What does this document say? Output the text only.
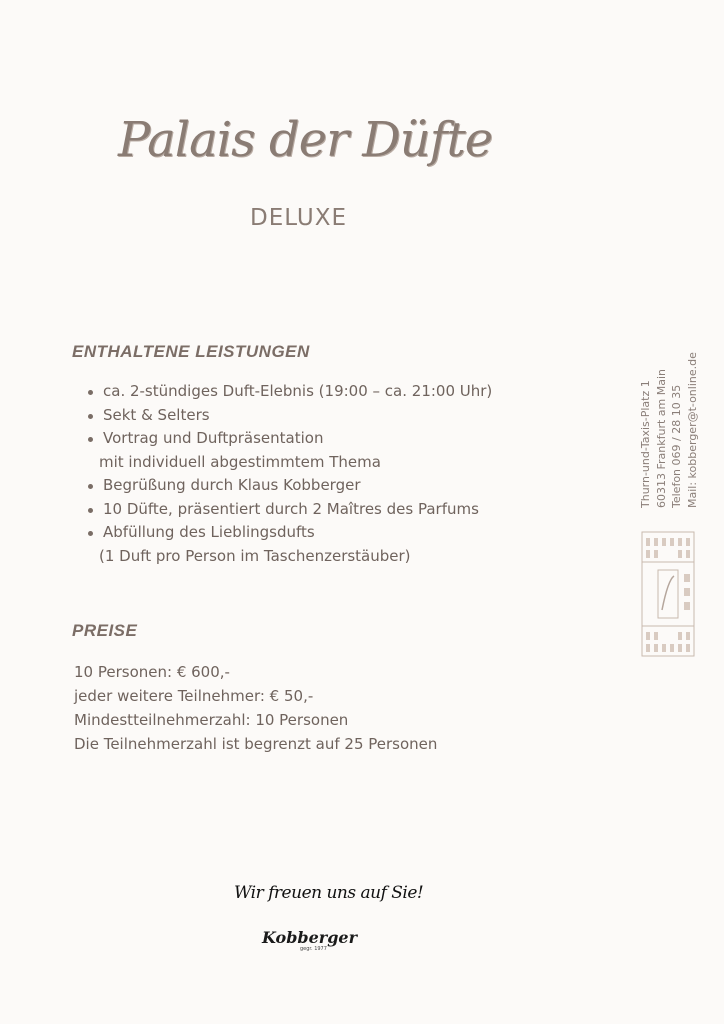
Palais der Düfte
DELUXE
ENTHALTENE LEISTUNGEN
ca. 2-stündiges Duft-Elebnis (19:00 – ca. 21:00 Uhr)
Sekt & Selters
Vortrag und Duftpräsentation
mit individuell abgestimmtem Thema
Begrüßung durch Klaus Kobberger
10 Düfte, präsentiert durch 2 Maîtres des Parfums
Abfüllung des Lieblingsdufts
(1 Duft pro Person im Taschenzerstäuber)
PREISE
10 Personen: € 600,-
jeder weitere Teilnehmer: € 50,-
Mindestteilnehmerzahl: 10 Personen
Die Teilnehmerzahl ist begrenzt auf 25 Personen
Thurn-und-Taxis-Platz 1 60313 Frankfurt am Main Telefon 069 / 28 10 35 Mail: kobberger@t-online.de
Wir freuen uns auf Sie!
Kobberger
gegr. 1977
